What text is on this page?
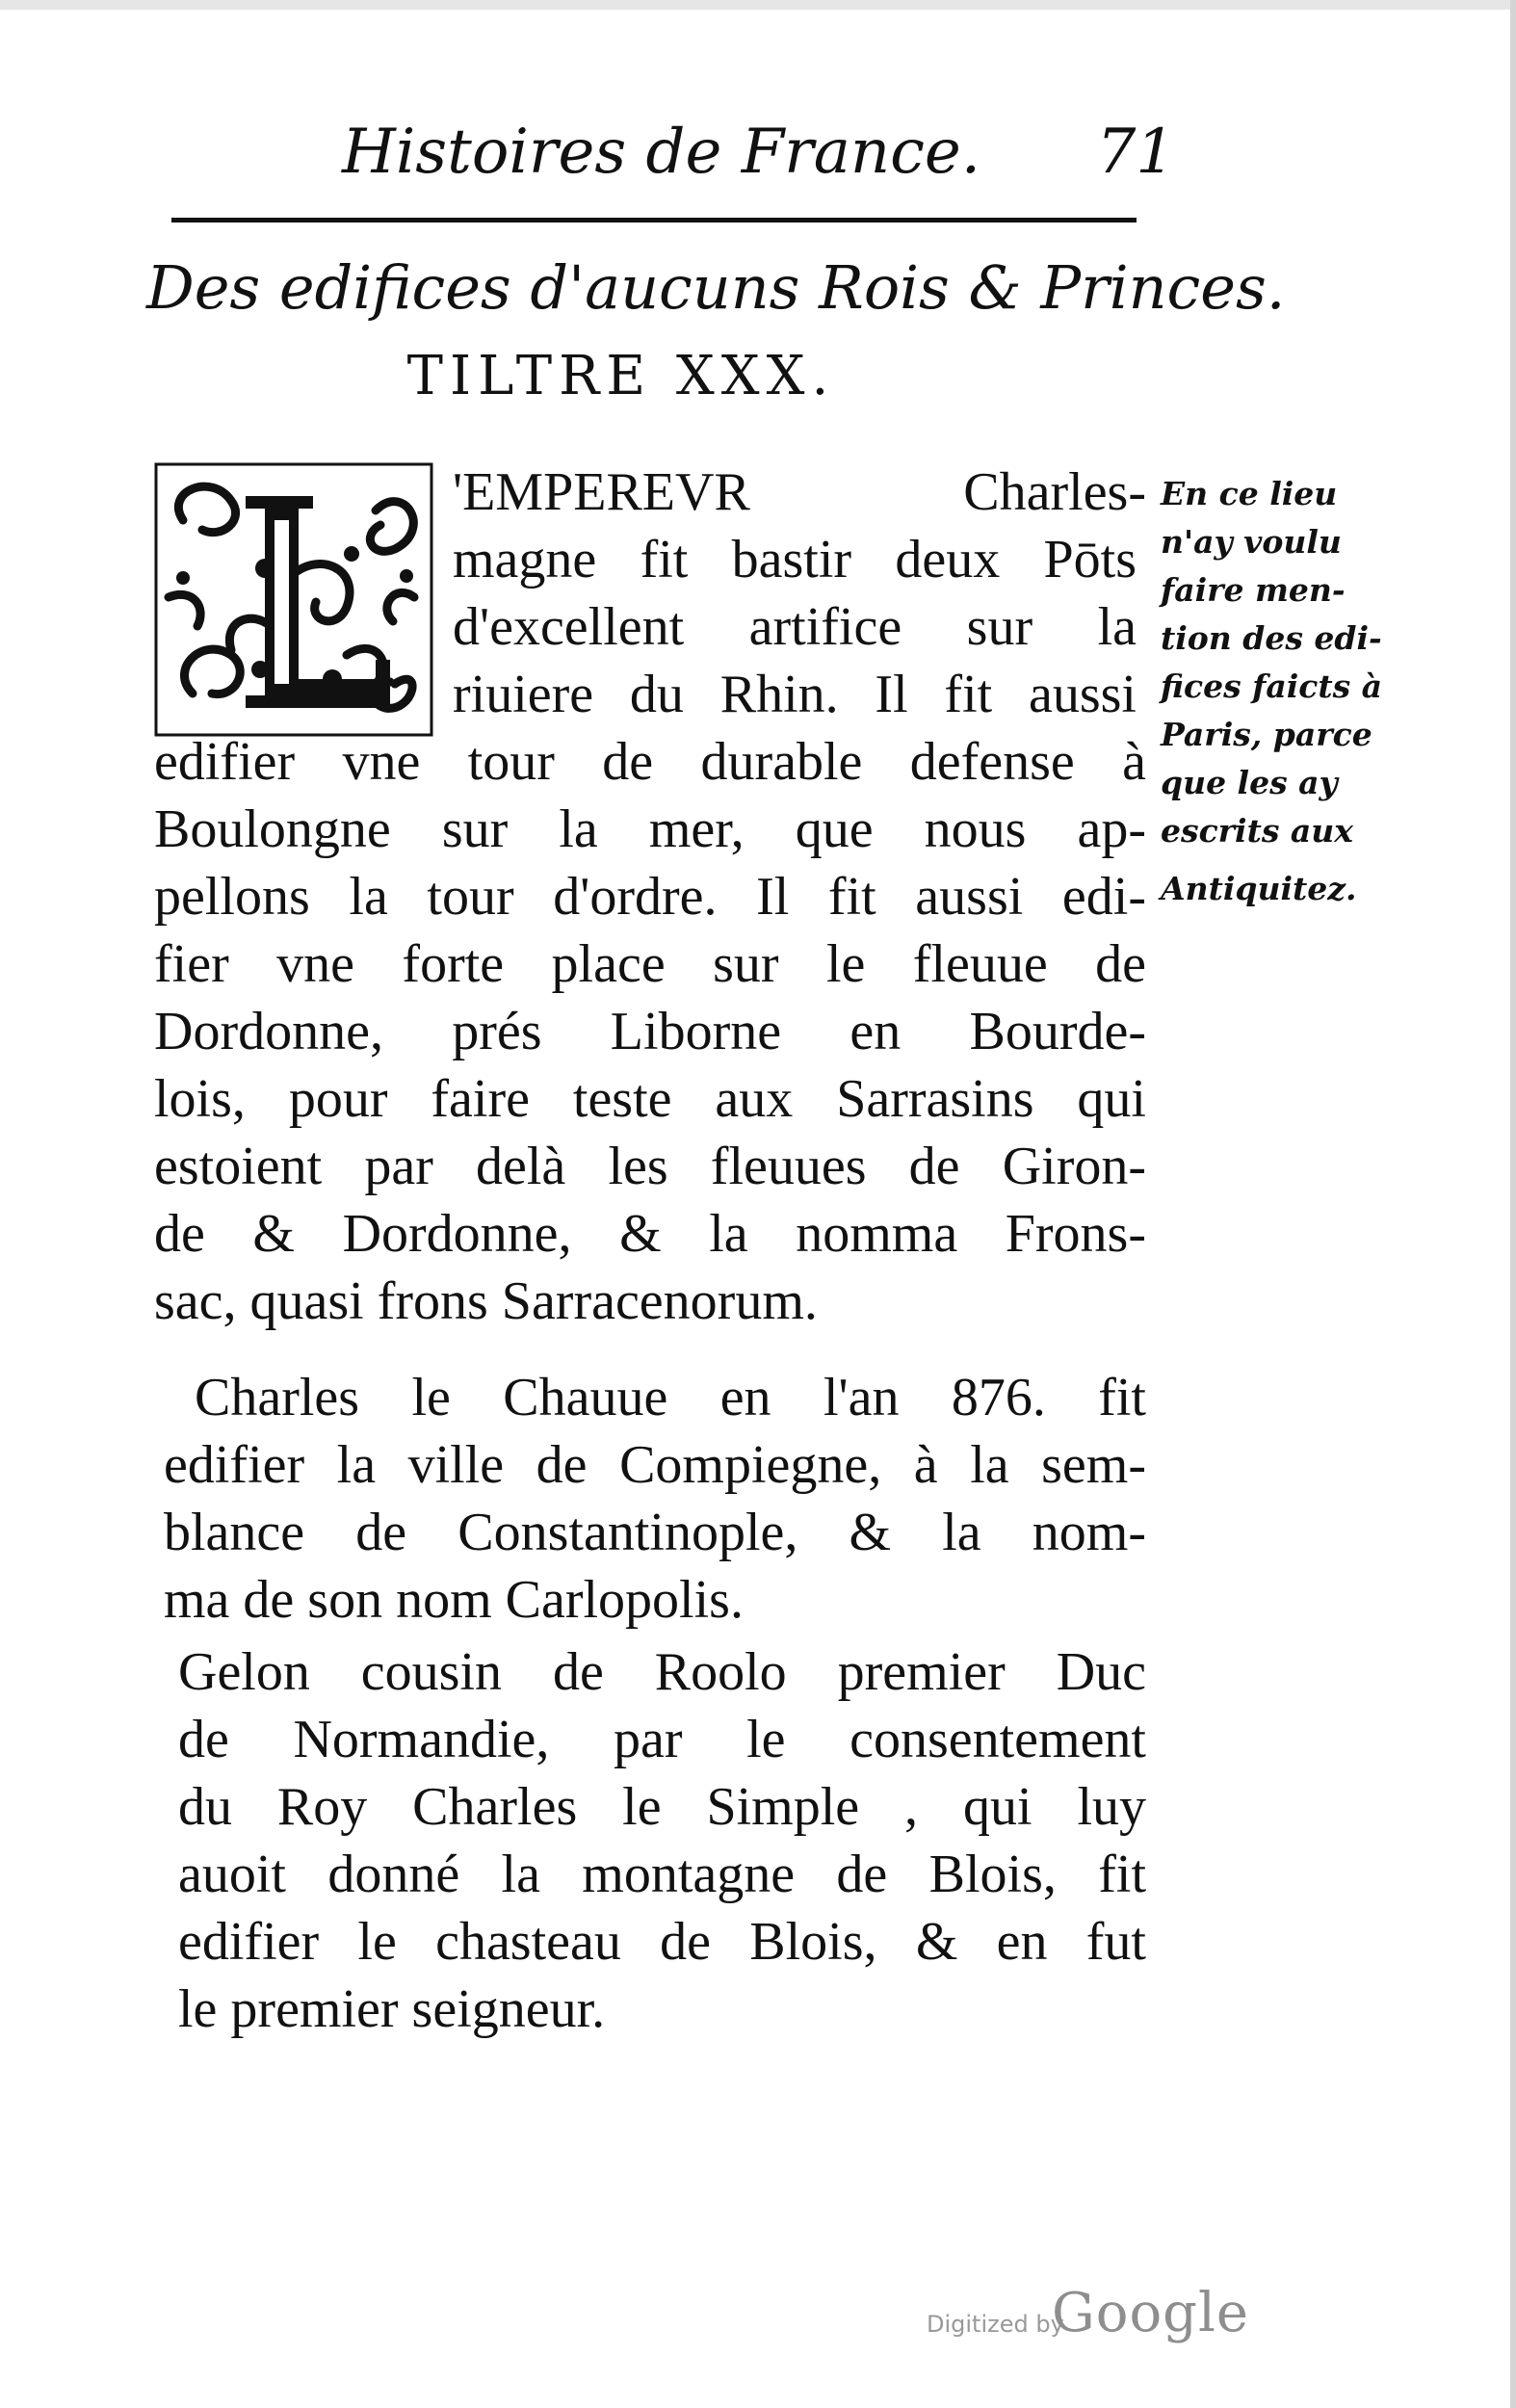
Histoires de France. 71
Des edifices d'aucuns Rois & Princes.
TILTRE XXX.
'EMPEREVR Charles-
magne fit bastir deux Pōts
d'excellent artifice sur la
riuiere du Rhin. Il fit aussi
edifier vne tour de durable defense à
Boulongne sur la mer, que nous ap-
pellons la tour d'ordre. Il fit aussi edi-
fier vne forte place sur le fleuue de
Dordonne, prés Liborne en Bourde-
lois, pour faire teste aux Sarrasins qui
estoient par delà les fleuues de Giron-
de & Dordonne, & la nomma Frons-
sac, quasi frons Sarracenorum.
Charles le Chauue en l'an 876. fit
edifier la ville de Compiegne, à la sem-
blance de Constantinople, & la nom-
ma de son nom Carlopolis.
Gelon cousin de Roolo premier Duc
de Normandie, par le consentement
du Roy Charles le Simple , qui luy
auoit donné la montagne de Blois, fit
edifier le chasteau de Blois, & en fut
le premier seigneur.
En ce lieu
n'ay voulu
faire men-
tion des edi-
fices faicts à
Paris, parce
que les ay
escrits aux
Antiquitez.
Digitized by
Google
